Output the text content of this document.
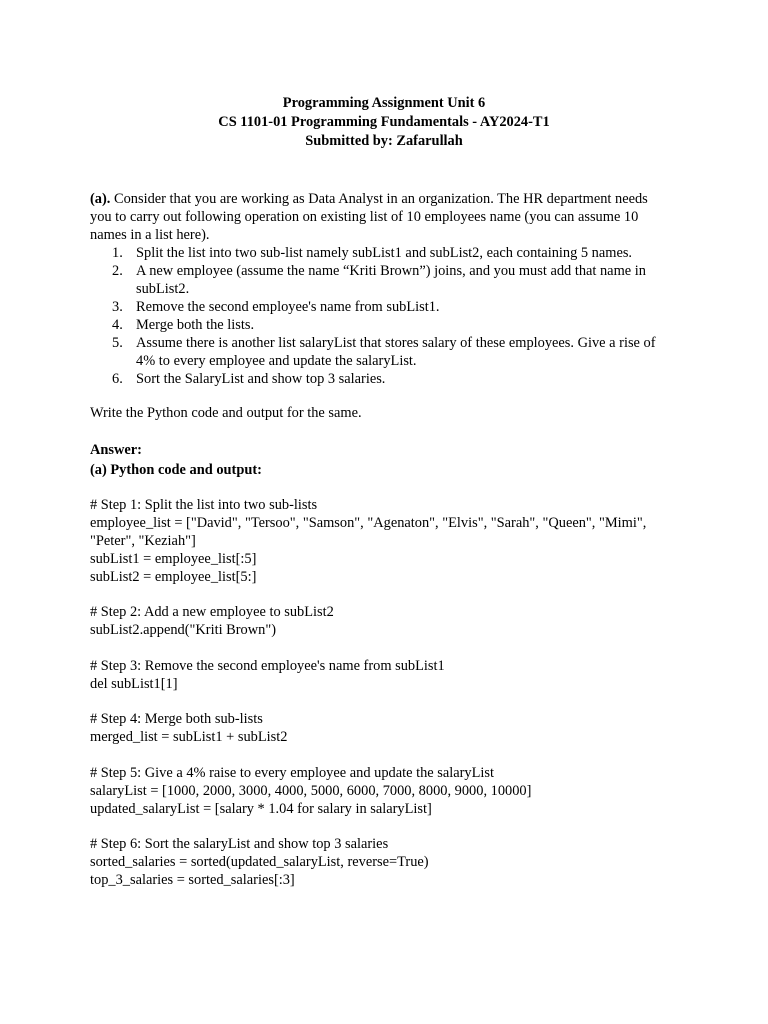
Programming Assignment Unit 6
CS 1101-01 Programming Fundamentals - AY2024-T1
Submitted by: Zafarullah
(a). Consider that you are working as Data Analyst in an organization. The HR department needs you to carry out following operation on existing list of 10 employees name (you can assume 10 names in a list here).
1. Split the list into two sub-list namely subList1 and subList2, each containing 5 names.
2. A new employee (assume the name “Kriti Brown”) joins, and you must add that name in subList2.
3. Remove the second employee's name from subList1.
4. Merge both the lists.
5. Assume there is another list salaryList that stores salary of these employees. Give a rise of 4% to every employee and update the salaryList.
6. Sort the SalaryList and show top 3 salaries.
Write the Python code and output for the same.
Answer:
(a) Python code and output:
# Step 1: Split the list into two sub-lists
employee_list = ["David", "Tersoo", "Samson", "Agenaton", "Elvis", "Sarah", "Queen", "Mimi",
"Peter", "Keziah"]
subList1 = employee_list[:5]
subList2 = employee_list[5:]
# Step 2: Add a new employee to subList2
subList2.append("Kriti Brown")
# Step 3: Remove the second employee's name from subList1
del subList1[1]
# Step 4: Merge both sub-lists
merged_list = subList1 + subList2
# Step 5: Give a 4% raise to every employee and update the salaryList
salaryList = [1000, 2000, 3000, 4000, 5000, 6000, 7000, 8000, 9000, 10000]
updated_salaryList = [salary * 1.04 for salary in salaryList]
# Step 6: Sort the salaryList and show top 3 salaries
sorted_salaries = sorted(updated_salaryList, reverse=True)
top_3_salaries = sorted_salaries[:3]
